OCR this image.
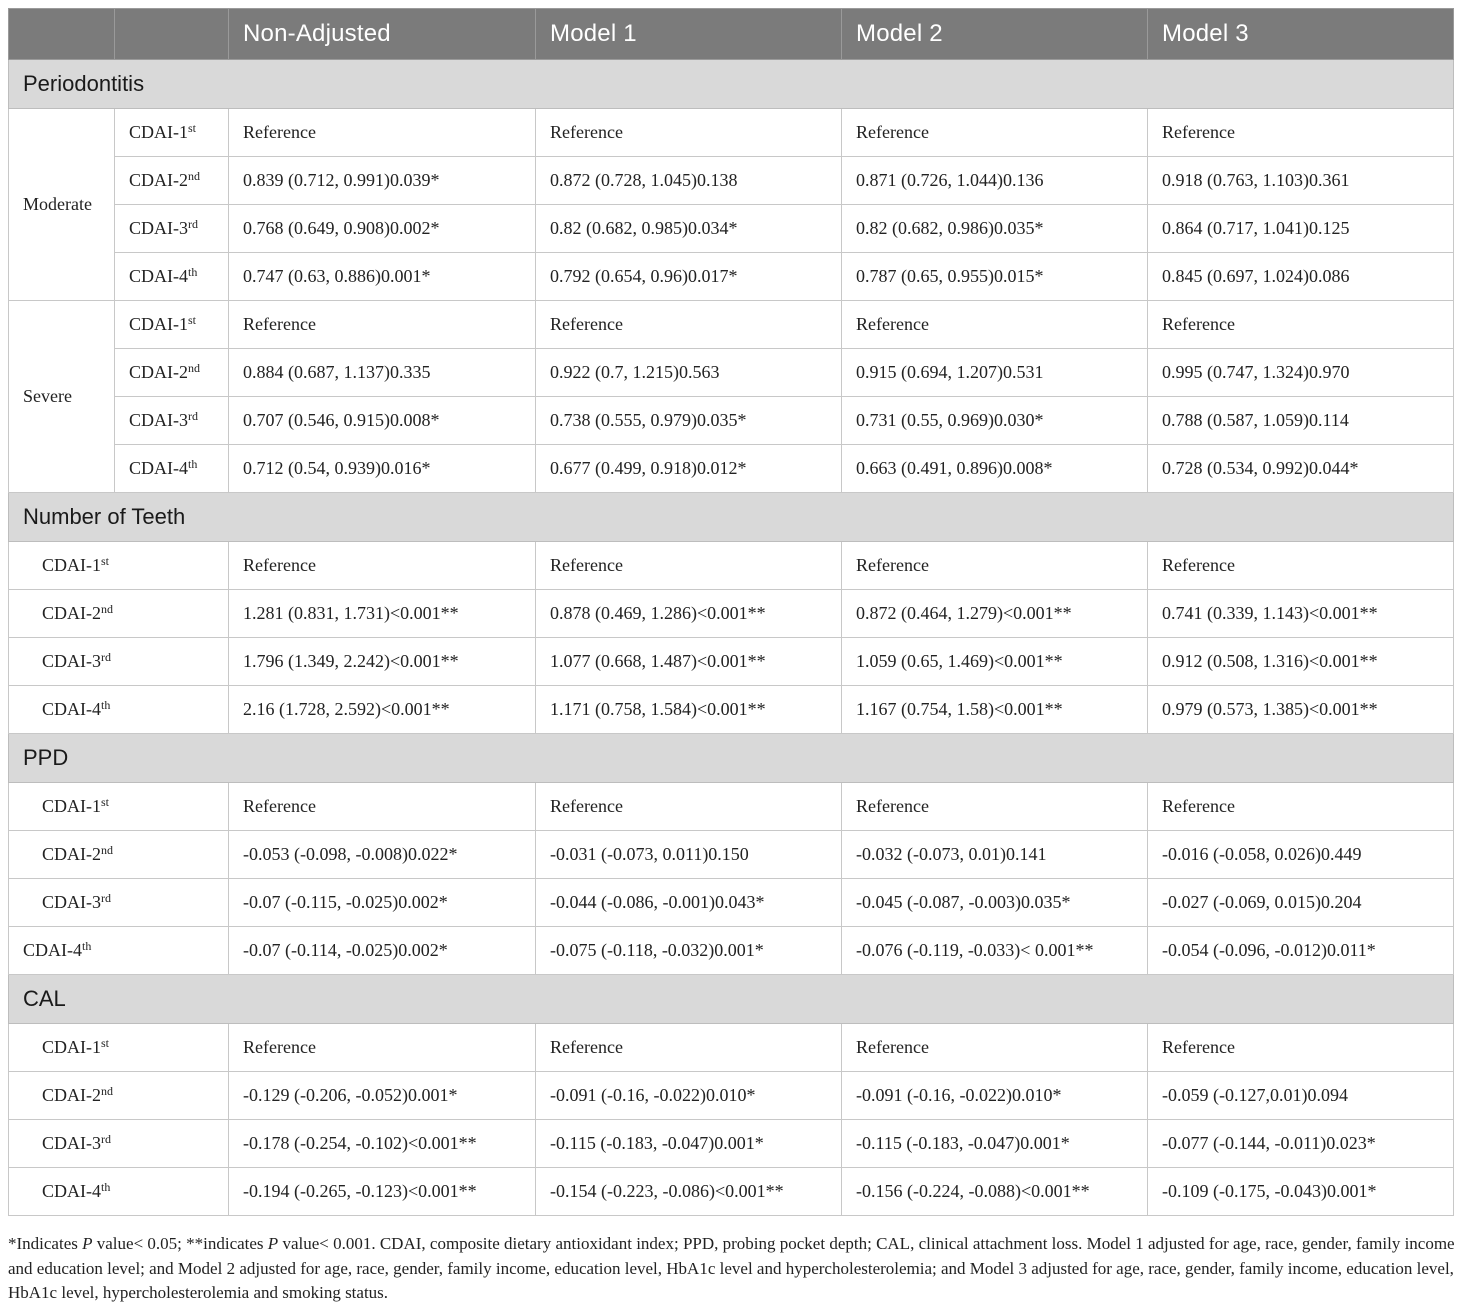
		Non-Adjusted	Model 1	Model 2	Model 3
Periodontitis					
Moderate	CDAI-1st	Reference	Reference	Reference	Reference
	CDAI-2nd	0.839 (0.712, 0.991)0.039*	0.872 (0.728, 1.045)0.138	0.871 (0.726, 1.044)0.136	0.918 (0.763, 1.103)0.361
	CDAI-3rd	0.768 (0.649, 0.908)0.002*	0.82 (0.682, 0.985)0.034*	0.82 (0.682, 0.986)0.035*	0.864 (0.717, 1.041)0.125
	CDAI-4th	0.747 (0.63, 0.886)0.001*	0.792 (0.654, 0.96)0.017*	0.787 (0.65, 0.955)0.015*	0.845 (0.697, 1.024)0.086
Severe	CDAI-1st	Reference	Reference	Reference	Reference
	CDAI-2nd	0.884 (0.687, 1.137)0.335	0.922 (0.7, 1.215)0.563	0.915 (0.694, 1.207)0.531	0.995 (0.747, 1.324)0.970
	CDAI-3rd	0.707 (0.546, 0.915)0.008*	0.738 (0.555, 0.979)0.035*	0.731 (0.55, 0.969)0.030*	0.788 (0.587, 1.059)0.114
	CDAI-4th	0.712 (0.54, 0.939)0.016*	0.677 (0.499, 0.918)0.012*	0.663 (0.491, 0.896)0.008*	0.728 (0.534, 0.992)0.044*
Number of Teeth					
CDAI-1st		Reference	Reference	Reference	Reference
CDAI-2nd		1.281 (0.831, 1.731)<0.001**	0.878 (0.469, 1.286)<0.001**	0.872 (0.464, 1.279)<0.001**	0.741 (0.339, 1.143)<0.001**
CDAI-3rd		1.796 (1.349, 2.242)<0.001**	1.077 (0.668, 1.487)<0.001**	1.059 (0.65, 1.469)<0.001**	0.912 (0.508, 1.316)<0.001**
CDAI-4th		2.16 (1.728, 2.592)<0.001**	1.171 (0.758, 1.584)<0.001**	1.167 (0.754, 1.58)<0.001**	0.979 (0.573, 1.385)<0.001**
PPD					
CDAI-1st		Reference	Reference	Reference	Reference
CDAI-2nd		-0.053 (-0.098, -0.008)0.022*	-0.031 (-0.073, 0.011)0.150	-0.032 (-0.073, 0.01)0.141	-0.016 (-0.058, 0.026)0.449
CDAI-3rd		-0.07 (-0.115, -0.025)0.002*	-0.044 (-0.086, -0.001)0.043*	-0.045 (-0.087, -0.003)0.035*	-0.027 (-0.069, 0.015)0.204
CDAI-4th		-0.07 (-0.114, -0.025)0.002*	-0.075 (-0.118, -0.032)0.001*	-0.076 (-0.119, -0.033)< 0.001**	-0.054 (-0.096, -0.012)0.011*
CAL					
CDAI-1st		Reference	Reference	Reference	Reference
CDAI-2nd		-0.129 (-0.206, -0.052)0.001*	-0.091 (-0.16, -0.022)0.010*	-0.091 (-0.16, -0.022)0.010*	-0.059 (-0.127,0.01)0.094
CDAI-3rd		-0.178 (-0.254, -0.102)<0.001**	-0.115 (-0.183, -0.047)0.001*	-0.115 (-0.183, -0.047)0.001*	-0.077 (-0.144, -0.011)0.023*
CDAI-4th		-0.194 (-0.265, -0.123)<0.001**	-0.154 (-0.223, -0.086)<0.001**	-0.156 (-0.224, -0.088)<0.001**	-0.109 (-0.175, -0.043)0.001*
*Indicates P value< 0.05; **indicates P value< 0.001. CDAI, composite dietary antioxidant index; PPD, probing pocket depth; CAL, clinical attachment loss. Model 1 adjusted for age, race, gender, family income and education level; and Model 2 adjusted for age, race, gender, family income, education level, HbA1c level and hypercholesterolemia; and Model 3 adjusted for age, race, gender, family income, education level, HbA1c level, hypercholesterolemia and smoking status.
